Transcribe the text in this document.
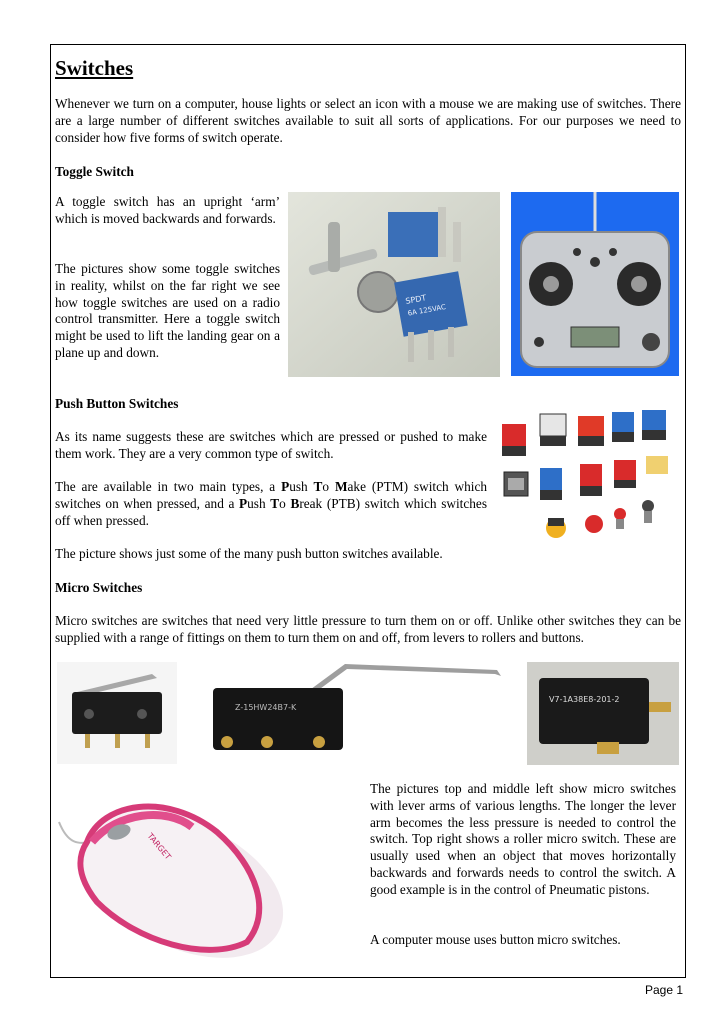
Switches

Whenever we turn on a computer, house lights or select an icon with a mouse we are making use of switches. There are a large number of different switches available to suit all sorts of applications. For our purposes we need to consider how five forms of switch operate.

Toggle Switch

A toggle switch has an upright ‘arm’ which is moved backwards and forwards.

The pictures show some toggle switches in reality, whilst on the far right we see how toggle switches are used on a radio control transmitter. Here a toggle switch might be used to lift the landing gear on a plane up and down.

SPDT
6A 125VAC
Push Button Switches

As its name suggests these are switches which are pressed or pushed to make them work. They are a very common type of switch.

The are available in two main types, a Push To Make (PTM) switch which switches on when pressed, and a Push To Break (PTB) switch which switches off when pressed.

The picture shows just some of the many push button switches available.

Micro Switches

Micro switches are switches that need very little pressure to turn them on or off. Unlike other switches they can be supplied with a range of fittings on them to turn them on and off, from levers to rollers and buttons.

Z-15HW24B7-K
V7-1A38E8-201-2
TARGET

The pictures top and middle left show micro switches with lever arms of various lengths. The longer the lever arm becomes the less pressure is needed to control the switch. Top right shows a roller micro switch. These are usually used when an object that moves horizontally backwards and forwards needs to control the switch. A good example is in the control of Pneumatic pistons.

A computer mouse uses button micro switches.

Page 1
